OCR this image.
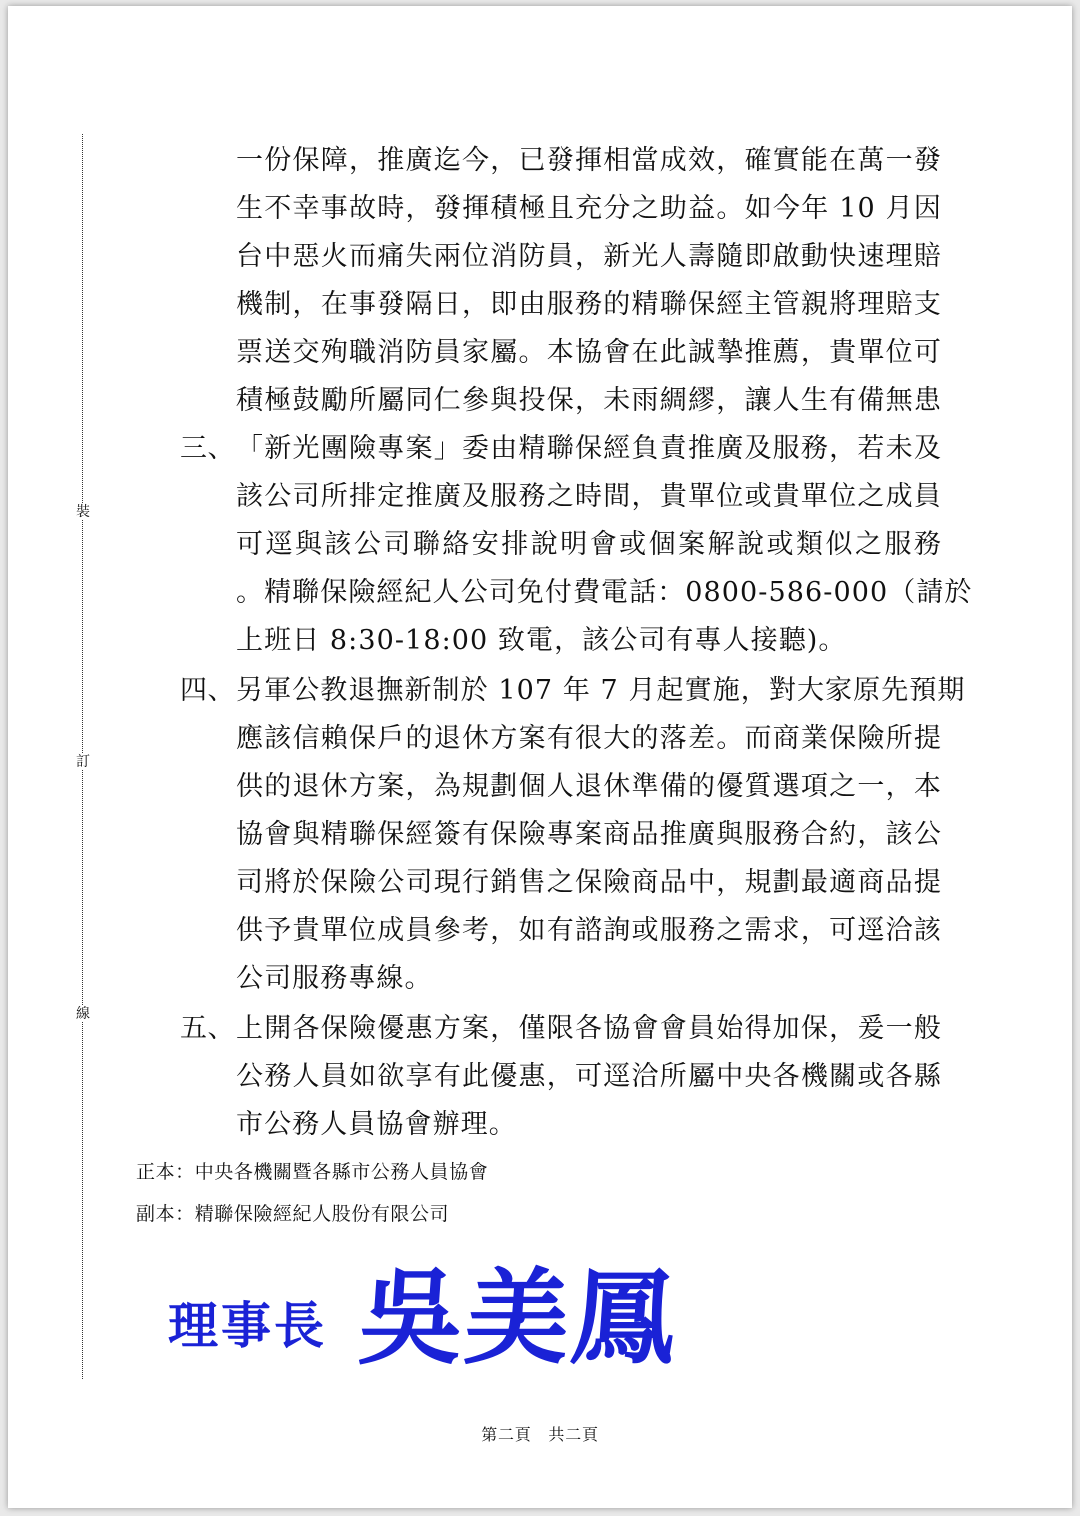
裝
訂
線
一份保障，推廣迄今，已發揮相當成效，確實能在萬一發
生不幸事故時，發揮積極且充分之助益。如今年 10 月因
台中惡火而痛失兩位消防員，新光人壽隨即啟動快速理賠
機制，在事發隔日，即由服務的精聯保經主管親將理賠支
票送交殉職消防員家屬。本協會在此誠摯推薦，貴單位可
積極鼓勵所屬同仁參與投保，未雨綢繆，讓人生有備無患
三、 「新光團險專案」委由精聯保經負責推廣及服務，若未及
該公司所排定推廣及服務之時間，貴單位或貴單位之成員
可逕與該公司聯絡安排說明會或個案解說或類似之服務
。精聯保險經紀人公司免付費電話：0800-586-000（請於
上班日 8:30-18:00 致電，該公司有專人接聽)。
四、 另軍公教退撫新制於 107 年 7 月起實施，對大家原先預期
應該信賴保戶的退休方案有很大的落差。而商業保險所提
供的退休方案，為規劃個人退休準備的優質選項之一，本
協會與精聯保經簽有保險專案商品推廣與服務合約，該公
司將於保險公司現行銷售之保險商品中，規劃最適商品提
供予貴單位成員參考，如有諮詢或服務之需求，可逕洽該
公司服務專線。
五、 上開各保險優惠方案，僅限各協會會員始得加保，爰一般
公務人員如欲享有此優惠，可逕洽所屬中央各機關或各縣
市公務人員協會辦理。
正本：中央各機關暨各縣市公務人員協會
副本：精聯保險經紀人股份有限公司
理事長 吳美鳳
第二頁　共二頁
